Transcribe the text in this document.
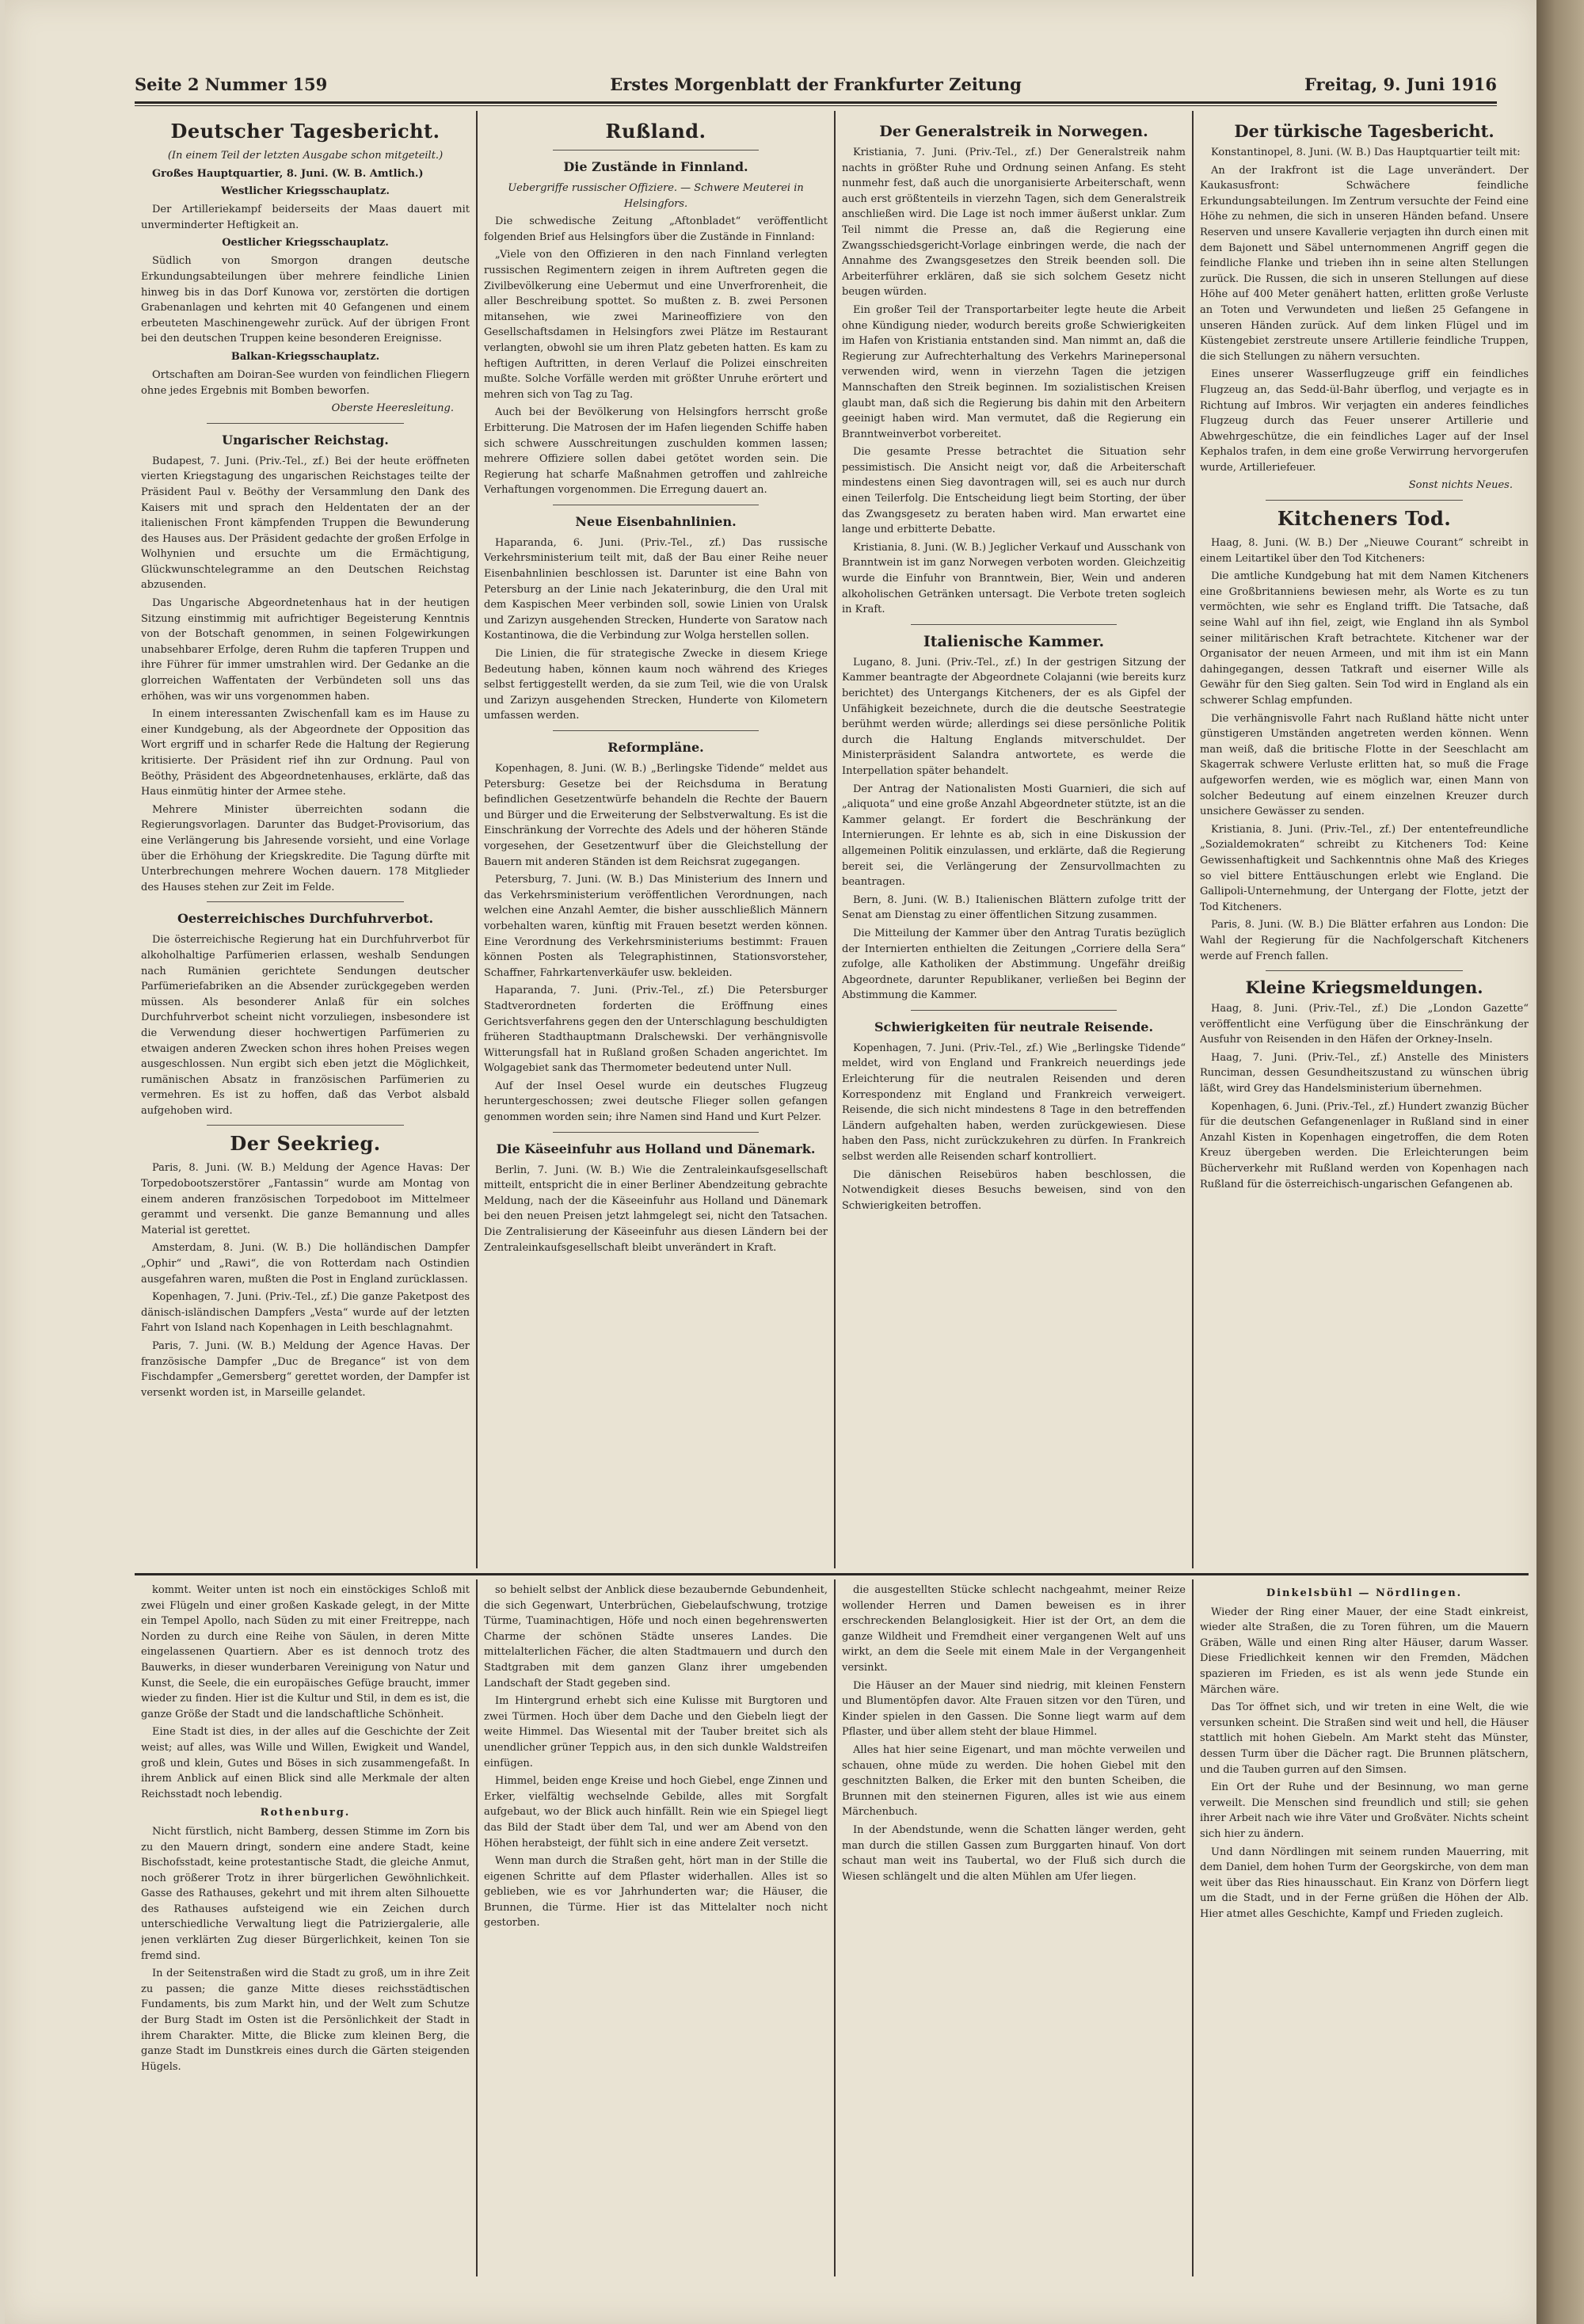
Seite 2 Nummer 159	Erstes Morgenblatt der Frankfurter Zeitung	Freitag, 9. Juni 1916
Deutscher Tagesbericht.

(In einem Teil der letzten Ausgabe schon mitgeteilt.)

Großes Hauptquartier, 8. Juni. (W. B. Amtlich.)

Westlicher Kriegsschauplatz.

Der Artilleriekampf beiderseits der Maas dauert mit unverminderter Heftigkeit an.

Oestlicher Kriegsschauplatz.

Südlich von Smorgon drangen deutsche Erkundungsabteilungen über mehrere feindliche Linien hinweg bis in das Dorf Kunowa vor, zerstörten die dortigen Grabenanlagen und kehrten mit 40 Gefangenen und einem erbeuteten Maschinengewehr zurück. Auf der übrigen Front bei den deutschen Truppen keine besonderen Ereignisse.

Balkan-Kriegsschauplatz.

Ortschaften am Doiran-See wurden von feindlichen Fliegern ohne jedes Ergebnis mit Bomben beworfen.

Oberste Heeresleitung.

Ungarischer Reichstag.

Budapest, 7. Juni. (Priv.-Tel., zf.) Bei der heute eröffneten vierten Kriegstagung des ungarischen Reichstages teilte der Präsident Paul v. Beöthy der Versammlung den Dank des Kaisers mit und sprach den Heldentaten der an der italienischen Front kämpfenden Truppen die Bewunderung des Hauses aus. Der Präsident gedachte der großen Erfolge in Wolhynien und ersuchte um die Ermächtigung, Glückwunschtelegramme an den Deutschen Reichstag abzusenden.

Das Ungarische Abgeordnetenhaus hat in der heutigen Sitzung einstimmig mit aufrichtiger Begeisterung Kenntnis von der Botschaft genommen, in seinen Folgewirkungen unabsehbarer Erfolge, deren Ruhm die tapferen Truppen und ihre Führer für immer umstrahlen wird. Der Gedanke an die glorreichen Waffentaten der Verbündeten soll uns das erhöhen, was wir uns vorgenommen haben.

In einem interessanten Zwischenfall kam es im Hause zu einer Kundgebung, als der Abgeordnete der Opposition das Wort ergriff und in scharfer Rede die Haltung der Regierung kritisierte. Der Präsident rief ihn zur Ordnung. Paul von Beöthy, Präsident des Abgeordnetenhauses, erklärte, daß das Haus einmütig hinter der Armee stehe.

Mehrere Minister überreichten sodann die Regierungsvorlagen. Darunter das Budget-Provisorium, das eine Verlängerung bis Jahresende vorsieht, und eine Vorlage über die Erhöhung der Kriegskredite. Die Tagung dürfte mit Unterbrechungen mehrere Wochen dauern. 178 Mitglieder des Hauses stehen zur Zeit im Felde.

Oesterreichisches Durchfuhrverbot.

Die österreichische Regierung hat ein Durchfuhrverbot für alkoholhaltige Parfümerien erlassen, weshalb Sendungen nach Rumänien gerichtete Sendungen deutscher Parfümeriefabriken an die Absender zurückgegeben werden müssen. Als besonderer Anlaß für ein solches Durchfuhrverbot scheint nicht vorzuliegen, insbesondere ist die Verwendung dieser hochwertigen Parfümerien zu etwaigen anderen Zwecken schon ihres hohen Preises wegen ausgeschlossen. Nun ergibt sich eben jetzt die Möglichkeit, rumänischen Absatz in französischen Parfümerien zu vermehren. Es ist zu hoffen, daß das Verbot alsbald aufgehoben wird.

Der Seekrieg.

Paris, 8. Juni. (W. B.) Meldung der Agence Havas: Der Torpedobootszerstörer „Fantassin“ wurde am Montag von einem anderen französischen Torpedoboot im Mittelmeer gerammt und versenkt. Die ganze Bemannung und alles Material ist gerettet.

Amsterdam, 8. Juni. (W. B.) Die holländischen Dampfer „Ophir“ und „Rawi“, die von Rotterdam nach Ostindien ausgefahren waren, mußten die Post in England zurücklassen.

Kopenhagen, 7. Juni. (Priv.-Tel., zf.) Die ganze Paketpost des dänisch-isländischen Dampfers „Vesta“ wurde auf der letzten Fahrt von Island nach Kopenhagen in Leith beschlagnahmt.

Paris, 7. Juni. (W. B.) Meldung der Agence Havas. Der französische Dampfer „Duc de Bregance“ ist von dem Fischdampfer „Gemersberg“ gerettet worden, der Dampfer ist versenkt worden ist, in Marseille gelandet.

Rußland.
Die Zustände in Finnland.

Uebergriffe russischer Offiziere. — Schwere Meuterei in Helsingfors.

Die schwedische Zeitung „Aftonbladet“ veröffentlicht folgenden Brief aus Helsingfors über die Zustände in Finnland:

„Viele von den Offizieren in den nach Finnland verlegten russischen Regimentern zeigen in ihrem Auftreten gegen die Zivilbevölkerung eine Uebermut und eine Unverfrorenheit, die aller Beschreibung spottet. So mußten z. B. zwei Personen mitansehen, wie zwei Marineoffiziere von den Gesellschaftsdamen in Helsingfors zwei Plätze im Restaurant verlangten, obwohl sie um ihren Platz gebeten hatten. Es kam zu heftigen Auftritten, in deren Verlauf die Polizei einschreiten mußte. Solche Vorfälle werden mit größter Unruhe erörtert und mehren sich von Tag zu Tag.

Auch bei der Bevölkerung von Helsingfors herrscht große Erbitterung. Die Matrosen der im Hafen liegenden Schiffe haben sich schwere Ausschreitungen zuschulden kommen lassen; mehrere Offiziere sollen dabei getötet worden sein. Die Regierung hat scharfe Maßnahmen getroffen und zahlreiche Verhaftungen vorgenommen. Die Erregung dauert an.

Neue Eisenbahnlinien.

Haparanda, 6. Juni. (Priv.-Tel., zf.) Das russische Verkehrsministerium teilt mit, daß der Bau einer Reihe neuer Eisenbahnlinien beschlossen ist. Darunter ist eine Bahn von Petersburg an der Linie nach Jekaterinburg, die den Ural mit dem Kaspischen Meer verbinden soll, sowie Linien von Uralsk und Zarizyn ausgehenden Strecken, Hunderte von Saratow nach Kostantinowa, die die Verbindung zur Wolga herstellen sollen.

Die Linien, die für strategische Zwecke in diesem Kriege Bedeutung haben, können kaum noch während des Krieges selbst fertiggestellt werden, da sie zum Teil, wie die von Uralsk und Zarizyn ausgehenden Strecken, Hunderte von Kilometern umfassen werden.

Reformpläne.

Kopenhagen, 8. Juni. (W. B.) „Berlingske Tidende“ meldet aus Petersburg: Gesetze bei der Reichsduma in Beratung befindlichen Gesetzentwürfe behandeln die Rechte der Bauern und Bürger und die Erweiterung der Selbstverwaltung. Es ist die Einschränkung der Vorrechte des Adels und der höheren Stände vorgesehen, der Gesetzentwurf über die Gleichstellung der Bauern mit anderen Ständen ist dem Reichsrat zugegangen.

Petersburg, 7. Juni. (W. B.) Das Ministerium des Innern und das Verkehrsministerium veröffentlichen Verordnungen, nach welchen eine Anzahl Aemter, die bisher ausschließlich Männern vorbehalten waren, künftig mit Frauen besetzt werden können. Eine Verordnung des Verkehrsministeriums bestimmt: Frauen können Posten als Telegraphistinnen, Stationsvorsteher, Schaffner, Fahrkartenverkäufer usw. bekleiden.

Haparanda, 7. Juni. (Priv.-Tel., zf.) Die Petersburger Stadtverordneten forderten die Eröffnung eines Gerichtsverfahrens gegen den der Unterschlagung beschuldigten früheren Stadthauptmann Dralschewski. Der verhängnisvolle Witterungsfall hat in Rußland großen Schaden angerichtet. Im Wolgagebiet sank das Thermometer bedeutend unter Null.

Auf der Insel Oesel wurde ein deutsches Flugzeug heruntergeschossen; zwei deutsche Flieger sollen gefangen genommen worden sein; ihre Namen sind Hand und Kurt Pelzer.

Die Käseeinfuhr aus Holland und Dänemark.

Berlin, 7. Juni. (W. B.) Wie die Zentraleinkaufsgesellschaft mitteilt, entspricht die in einer Berliner Abendzeitung gebrachte Meldung, nach der die Käseeinfuhr aus Holland und Dänemark bei den neuen Preisen jetzt lahmgelegt sei, nicht den Tatsachen. Die Zentralisierung der Käseeinfuhr aus diesen Ländern bei der Zentraleinkaufsgesellschaft bleibt unverändert in Kraft.

Der Generalstreik in Norwegen.

Kristiania, 7. Juni. (Priv.-Tel., zf.) Der Generalstreik nahm nachts in größter Ruhe und Ordnung seinen Anfang. Es steht nunmehr fest, daß auch die unorganisierte Arbeiterschaft, wenn auch erst größtenteils in vierzehn Tagen, sich dem Generalstreik anschließen wird. Die Lage ist noch immer äußerst unklar. Zum Teil nimmt die Presse an, daß die Regierung eine Zwangsschiedsgericht-Vorlage einbringen werde, die nach der Annahme des Zwangsgesetzes den Streik beenden soll. Die Arbeiterführer erklären, daß sie sich solchem Gesetz nicht beugen würden.

Ein großer Teil der Transportarbeiter legte heute die Arbeit ohne Kündigung nieder, wodurch bereits große Schwierigkeiten im Hafen von Kristiania entstanden sind. Man nimmt an, daß die Regierung zur Aufrechterhaltung des Verkehrs Marinepersonal verwenden wird, wenn in vierzehn Tagen die jetzigen Mannschaften den Streik beginnen. Im sozialistischen Kreisen glaubt man, daß sich die Regierung bis dahin mit den Arbeitern geeinigt haben wird. Man vermutet, daß die Regierung ein Branntweinverbot vorbereitet.

Die gesamte Presse betrachtet die Situation sehr pessimistisch. Die Ansicht neigt vor, daß die Arbeiterschaft mindestens einen Sieg davontragen will, sei es auch nur durch einen Teilerfolg. Die Entscheidung liegt beim Storting, der über das Zwangsgesetz zu beraten haben wird. Man erwartet eine lange und erbitterte Debatte.

Kristiania, 8. Juni. (W. B.) Jeglicher Verkauf und Ausschank von Branntwein ist im ganz Norwegen verboten worden. Gleichzeitig wurde die Einfuhr von Branntwein, Bier, Wein und anderen alkoholischen Getränken untersagt. Die Verbote treten sogleich in Kraft.

Italienische Kammer.

Lugano, 8. Juni. (Priv.-Tel., zf.) In der gestrigen Sitzung der Kammer beantragte der Abgeordnete Colajanni (wie bereits kurz berichtet) des Untergangs Kitcheners, der es als Gipfel der Unfähigkeit bezeichnete, durch die die deutsche Seestrategie berühmt werden würde; allerdings sei diese persönliche Politik durch die Haltung Englands mitverschuldet. Der Ministerpräsident Salandra antwortete, es werde die Interpellation später behandelt.

Der Antrag der Nationalisten Mosti Guarnieri, die sich auf „aliquota“ und eine große Anzahl Abgeordneter stützte, ist an die Kammer gelangt. Er fordert die Beschränkung der Internierungen. Er lehnte es ab, sich in eine Diskussion der allgemeinen Politik einzulassen, und erklärte, daß die Regierung bereit sei, die Verlängerung der Zensurvollmachten zu beantragen.

Bern, 8. Juni. (W. B.) Italienischen Blättern zufolge tritt der Senat am Dienstag zu einer öffentlichen Sitzung zusammen.

Die Mitteilung der Kammer über den Antrag Turatis bezüglich der Internierten enthielten die Zeitungen „Corriere della Sera“ zufolge, alle Katholiken der Abstimmung. Ungefähr dreißig Abgeordnete, darunter Republikaner, verließen bei Beginn der Abstimmung die Kammer.

Schwierigkeiten für neutrale Reisende.

Kopenhagen, 7. Juni. (Priv.-Tel., zf.) Wie „Berlingske Tidende“ meldet, wird von England und Frankreich neuerdings jede Erleichterung für die neutralen Reisenden und deren Korrespondenz mit England und Frankreich verweigert. Reisende, die sich nicht mindestens 8 Tage in den betreffenden Ländern aufgehalten haben, werden zurückgewiesen. Diese haben den Pass, nicht zurückzukehren zu dürfen. In Frankreich selbst werden alle Reisenden scharf kontrolliert.

Die dänischen Reisebüros haben beschlossen, die Notwendigkeit dieses Besuchs beweisen, sind von den Schwierigkeiten betroffen.

Der türkische Tagesbericht.

Konstantinopel, 8. Juni. (W. B.) Das Hauptquartier teilt mit:

An der Irakfront ist die Lage unverändert. Der Kaukasusfront: Schwächere feindliche Erkundungsabteilungen. Im Zentrum versuchte der Feind eine Höhe zu nehmen, die sich in unseren Händen befand. Unsere Reserven und unsere Kavallerie verjagten ihn durch einen mit dem Bajonett und Säbel unternommenen Angriff gegen die feindliche Flanke und trieben ihn in seine alten Stellungen zurück. Die Russen, die sich in unseren Stellungen auf diese Höhe auf 400 Meter genähert hatten, erlitten große Verluste an Toten und Verwundeten und ließen 25 Gefangene in unseren Händen zurück. Auf dem linken Flügel und im Küstengebiet zerstreute unsere Artillerie feindliche Truppen, die sich Stellungen zu nähern versuchten.

Eines unserer Wasserflugzeuge griff ein feindliches Flugzeug an, das Sedd-ül-Bahr überflog, und verjagte es in Richtung auf Imbros. Wir verjagten ein anderes feindliches Flugzeug durch das Feuer unserer Artillerie und Abwehrgeschütze, die ein feindliches Lager auf der Insel Kephalos trafen, in dem eine große Verwirrung hervorgerufen wurde, Artilleriefeuer.

Sonst nichts Neues.

Kitcheners Tod.

Haag, 8. Juni. (W. B.) Der „Nieuwe Courant“ schreibt in einem Leitartikel über den Tod Kitcheners:

Die amtliche Kundgebung hat mit dem Namen Kitcheners eine Großbritanniens bewiesen mehr, als Worte es zu tun vermöchten, wie sehr es England trifft. Die Tatsache, daß seine Wahl auf ihn fiel, zeigt, wie England ihn als Symbol seiner militärischen Kraft betrachtete. Kitchener war der Organisator der neuen Armeen, und mit ihm ist ein Mann dahingegangen, dessen Tatkraft und eiserner Wille als Gewähr für den Sieg galten. Sein Tod wird in England als ein schwerer Schlag empfunden.

Die verhängnisvolle Fahrt nach Rußland hätte nicht unter günstigeren Umständen angetreten werden können. Wenn man weiß, daß die britische Flotte in der Seeschlacht am Skagerrak schwere Verluste erlitten hat, so muß die Frage aufgeworfen werden, wie es möglich war, einen Mann von solcher Bedeutung auf einem einzelnen Kreuzer durch unsichere Gewässer zu senden.

Kristiania, 8. Juni. (Priv.-Tel., zf.) Der ententefreundliche „Sozialdemokraten“ schreibt zu Kitcheners Tod: Keine Gewissenhaftigkeit und Sachkenntnis ohne Maß des Krieges so viel bittere Enttäuschungen erlebt wie England. Die Gallipoli-Unternehmung, der Untergang der Flotte, jetzt der Tod Kitcheners.

Paris, 8. Juni. (W. B.) Die Blätter erfahren aus London: Die Wahl der Regierung für die Nachfolgerschaft Kitcheners werde auf French fallen.

Kleine Kriegsmeldungen.

Haag, 8. Juni. (Priv.-Tel., zf.) Die „London Gazette“ veröffentlicht eine Verfügung über die Einschränkung der Ausfuhr von Reisenden in den Häfen der Orkney-Inseln.

Haag, 7. Juni. (Priv.-Tel., zf.) Anstelle des Ministers Runciman, dessen Gesundheitszustand zu wünschen übrig läßt, wird Grey das Handelsministerium übernehmen.

Kopenhagen, 6. Juni. (Priv.-Tel., zf.) Hundert zwanzig Bücher für die deutschen Gefangenenlager in Rußland sind in einer Anzahl Kisten in Kopenhagen eingetroffen, die dem Roten Kreuz übergeben werden. Die Erleichterungen beim Bücherverkehr mit Rußland werden von Kopenhagen nach Rußland für die österreichisch-ungarischen Gefangenen ab.

kommt. Weiter unten ist noch ein einstöckiges Schloß mit zwei Flügeln und einer großen Kaskade gelegt, in der Mitte ein Tempel Apollo, nach Süden zu mit einer Freitreppe, nach Norden zu durch eine Reihe von Säulen, in deren Mitte eingelassenen Quartiern. Aber es ist dennoch trotz des Bauwerks, in dieser wunderbaren Vereinigung von Natur und Kunst, die Seele, die ein europäisches Gefüge braucht, immer wieder zu finden. Hier ist die Kultur und Stil, in dem es ist, die ganze Größe der Stadt und die landschaftliche Schönheit.

Eine Stadt ist dies, in der alles auf die Geschichte der Zeit weist; auf alles, was Wille und Willen, Ewigkeit und Wandel, groß und klein, Gutes und Böses in sich zusammengefaßt. In ihrem Anblick auf einen Blick sind alle Merkmale der alten Reichsstadt noch lebendig.

Rothenburg.

Nicht fürstlich, nicht Bamberg, dessen Stimme im Zorn bis zu den Mauern dringt, sondern eine andere Stadt, keine Bischofsstadt, keine protestantische Stadt, die gleiche Anmut, noch größerer Trotz in ihrer bürgerlichen Gewöhnlichkeit. Gasse des Rathauses, gekehrt und mit ihrem alten Silhouette des Rathauses aufsteigend wie ein Zeichen durch unterschiedliche Verwaltung liegt die Patriziergalerie, alle jenen verklärten Zug dieser Bürgerlichkeit, keinen Ton sie fremd sind.

In der Seitenstraßen wird die Stadt zu groß, um in ihre Zeit zu passen; die ganze Mitte dieses reichsstädtischen Fundaments, bis zum Markt hin, und der Welt zum Schutze der Burg Stadt im Osten ist die Persönlichkeit der Stadt in ihrem Charakter. Mitte, die Blicke zum kleinen Berg, die ganze Stadt im Dunstkreis eines durch die Gärten steigenden Hügels.

so behielt selbst der Anblick diese bezaubernde Gebundenheit, die sich Gegenwart, Unterbrüchen, Giebelaufschwung, trotzige Türme, Tuaminachtigen, Höfe und noch einen begehrenswerten Charme der schönen Städte unseres Landes. Die mittelalterlichen Fächer, die alten Stadtmauern und durch den Stadtgraben mit dem ganzen Glanz ihrer umgebenden Landschaft der Stadt gegeben sind.

Im Hintergrund erhebt sich eine Kulisse mit Burgtoren und zwei Türmen. Hoch über dem Dache und den Giebeln liegt der weite Himmel. Das Wiesental mit der Tauber breitet sich als unendlicher grüner Teppich aus, in den sich dunkle Waldstreifen einfügen.

Himmel, beiden enge Kreise und hoch Giebel, enge Zinnen und Erker, vielfältig wechselnde Gebilde, alles mit Sorgfalt aufgebaut, wo der Blick auch hinfällt. Rein wie ein Spiegel liegt das Bild der Stadt über dem Tal, und wer am Abend von den Höhen herabsteigt, der fühlt sich in eine andere Zeit versetzt.

Wenn man durch die Straßen geht, hört man in der Stille die eigenen Schritte auf dem Pflaster widerhallen. Alles ist so geblieben, wie es vor Jahrhunderten war; die Häuser, die Brunnen, die Türme. Hier ist das Mittelalter noch nicht gestorben.

die ausgestellten Stücke schlecht nachgeahmt, meiner Reize wollender Herren und Damen beweisen es in ihrer erschreckenden Belanglosigkeit. Hier ist der Ort, an dem die ganze Wildheit und Fremdheit einer vergangenen Welt auf uns wirkt, an dem die Seele mit einem Male in der Vergangenheit versinkt.

Die Häuser an der Mauer sind niedrig, mit kleinen Fenstern und Blumentöpfen davor. Alte Frauen sitzen vor den Türen, und Kinder spielen in den Gassen. Die Sonne liegt warm auf dem Pflaster, und über allem steht der blaue Himmel.

Alles hat hier seine Eigenart, und man möchte verweilen und schauen, ohne müde zu werden. Die hohen Giebel mit den geschnitzten Balken, die Erker mit den bunten Scheiben, die Brunnen mit den steinernen Figuren, alles ist wie aus einem Märchenbuch.

In der Abendstunde, wenn die Schatten länger werden, geht man durch die stillen Gassen zum Burggarten hinauf. Von dort schaut man weit ins Taubertal, wo der Fluß sich durch die Wiesen schlängelt und die alten Mühlen am Ufer liegen.

Dinkelsbühl — Nördlingen.

Wieder der Ring einer Mauer, der eine Stadt einkreist, wieder alte Straßen, die zu Toren führen, um die Mauern Gräben, Wälle und einen Ring alter Häuser, darum Wasser. Diese Friedlichkeit kennen wir den Fremden, Mädchen spazieren im Frieden, es ist als wenn jede Stunde ein Märchen wäre.

Das Tor öffnet sich, und wir treten in eine Welt, die wie versunken scheint. Die Straßen sind weit und hell, die Häuser stattlich mit hohen Giebeln. Am Markt steht das Münster, dessen Turm über die Dächer ragt. Die Brunnen plätschern, und die Tauben gurren auf den Simsen.

Ein Ort der Ruhe und der Besinnung, wo man gerne verweilt. Die Menschen sind freundlich und still; sie gehen ihrer Arbeit nach wie ihre Väter und Großväter. Nichts scheint sich hier zu ändern.

Und dann Nördlingen mit seinem runden Mauerring, mit dem Daniel, dem hohen Turm der Georgskirche, von dem man weit über das Ries hinausschaut. Ein Kranz von Dörfern liegt um die Stadt, und in der Ferne grüßen die Höhen der Alb. Hier atmet alles Geschichte, Kampf und Frieden zugleich.
